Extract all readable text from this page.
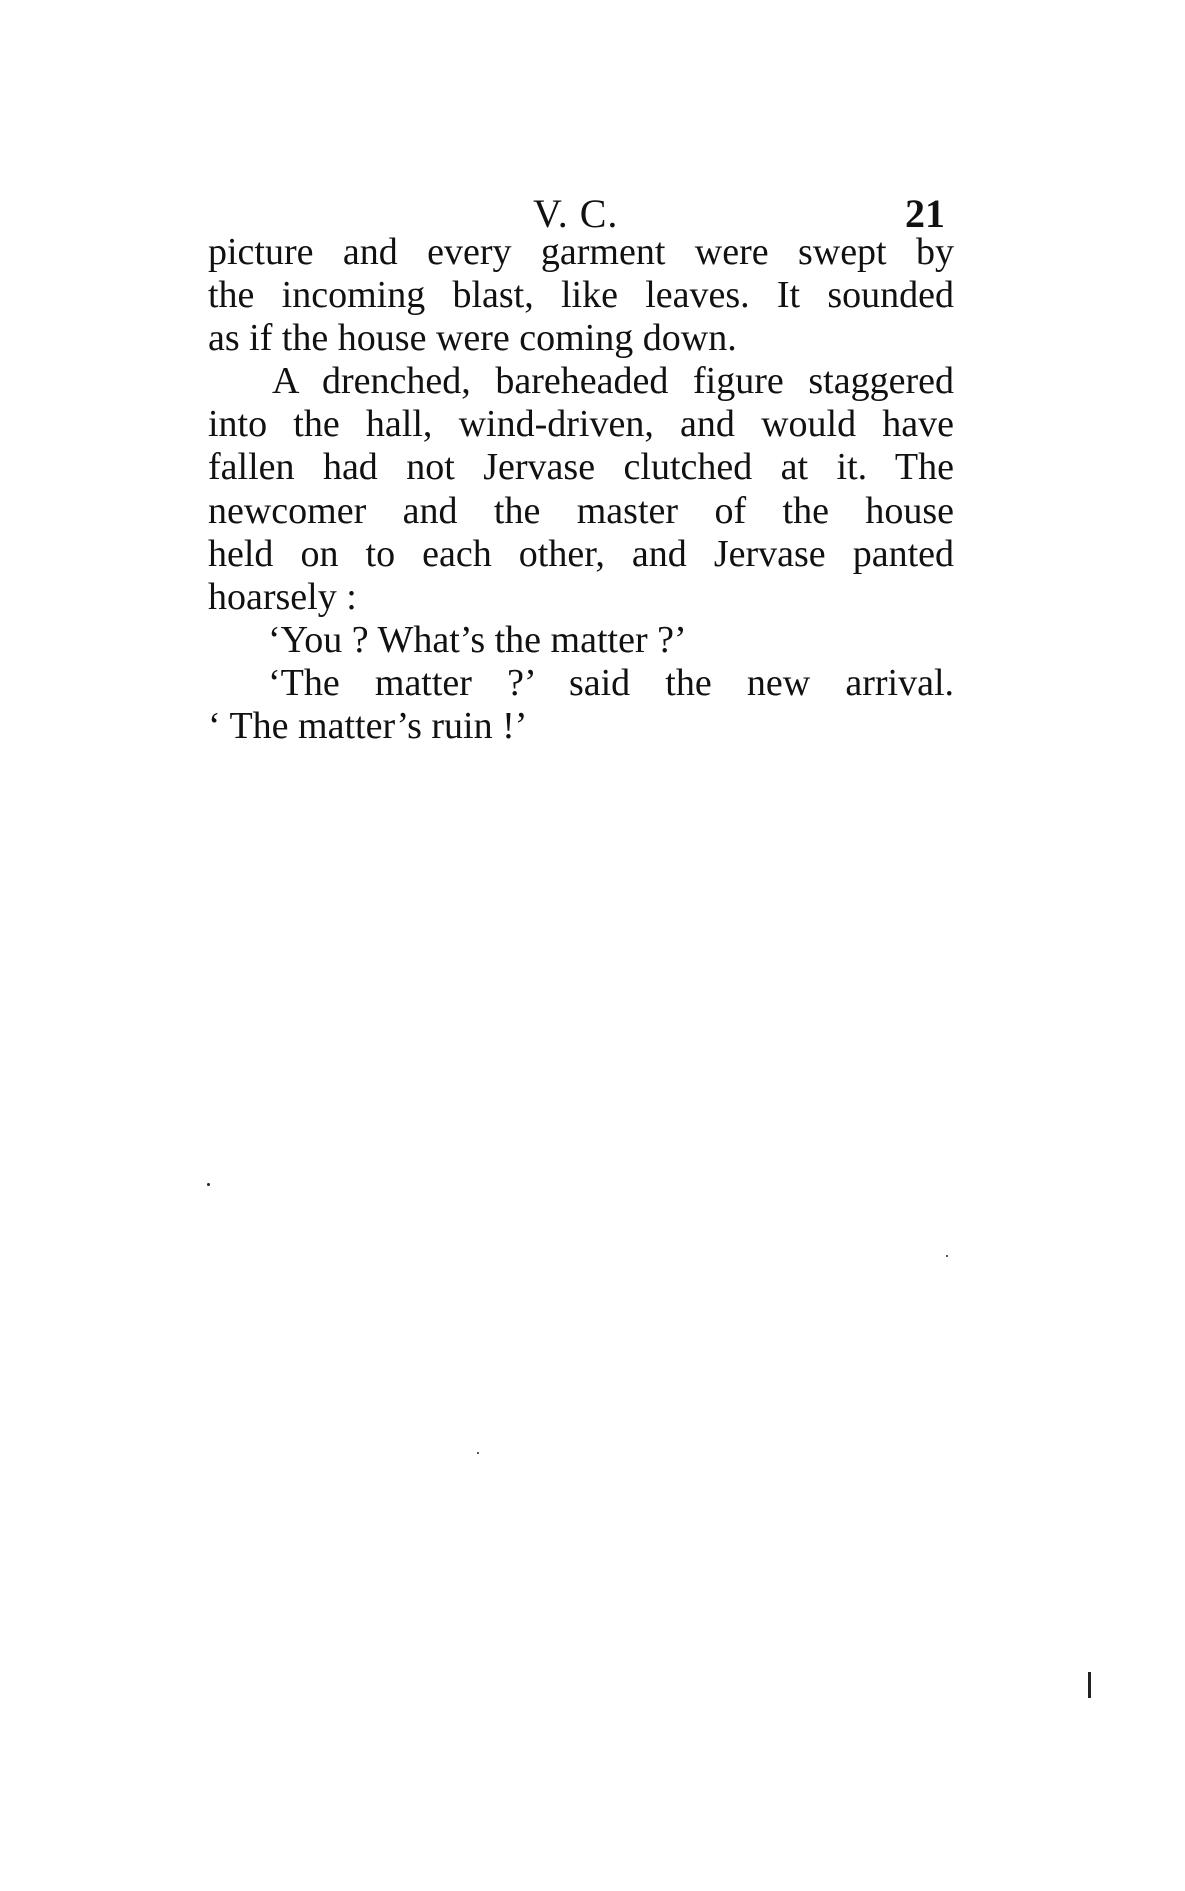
V. C.	21
picture and every garment were swept by
the incoming blast, like leaves. It sounded
as if the house were coming down.
A drenched, bareheaded figure staggered
into the hall, wind-driven, and would have
fallen had not Jervase clutched at it. The
newcomer and the master of the house
held on to each other, and Jervase panted
hoarsely :
‘You ? What’s the matter ?’
‘The matter ?’ said the new arrival.
‘ The matter’s ruin !’
